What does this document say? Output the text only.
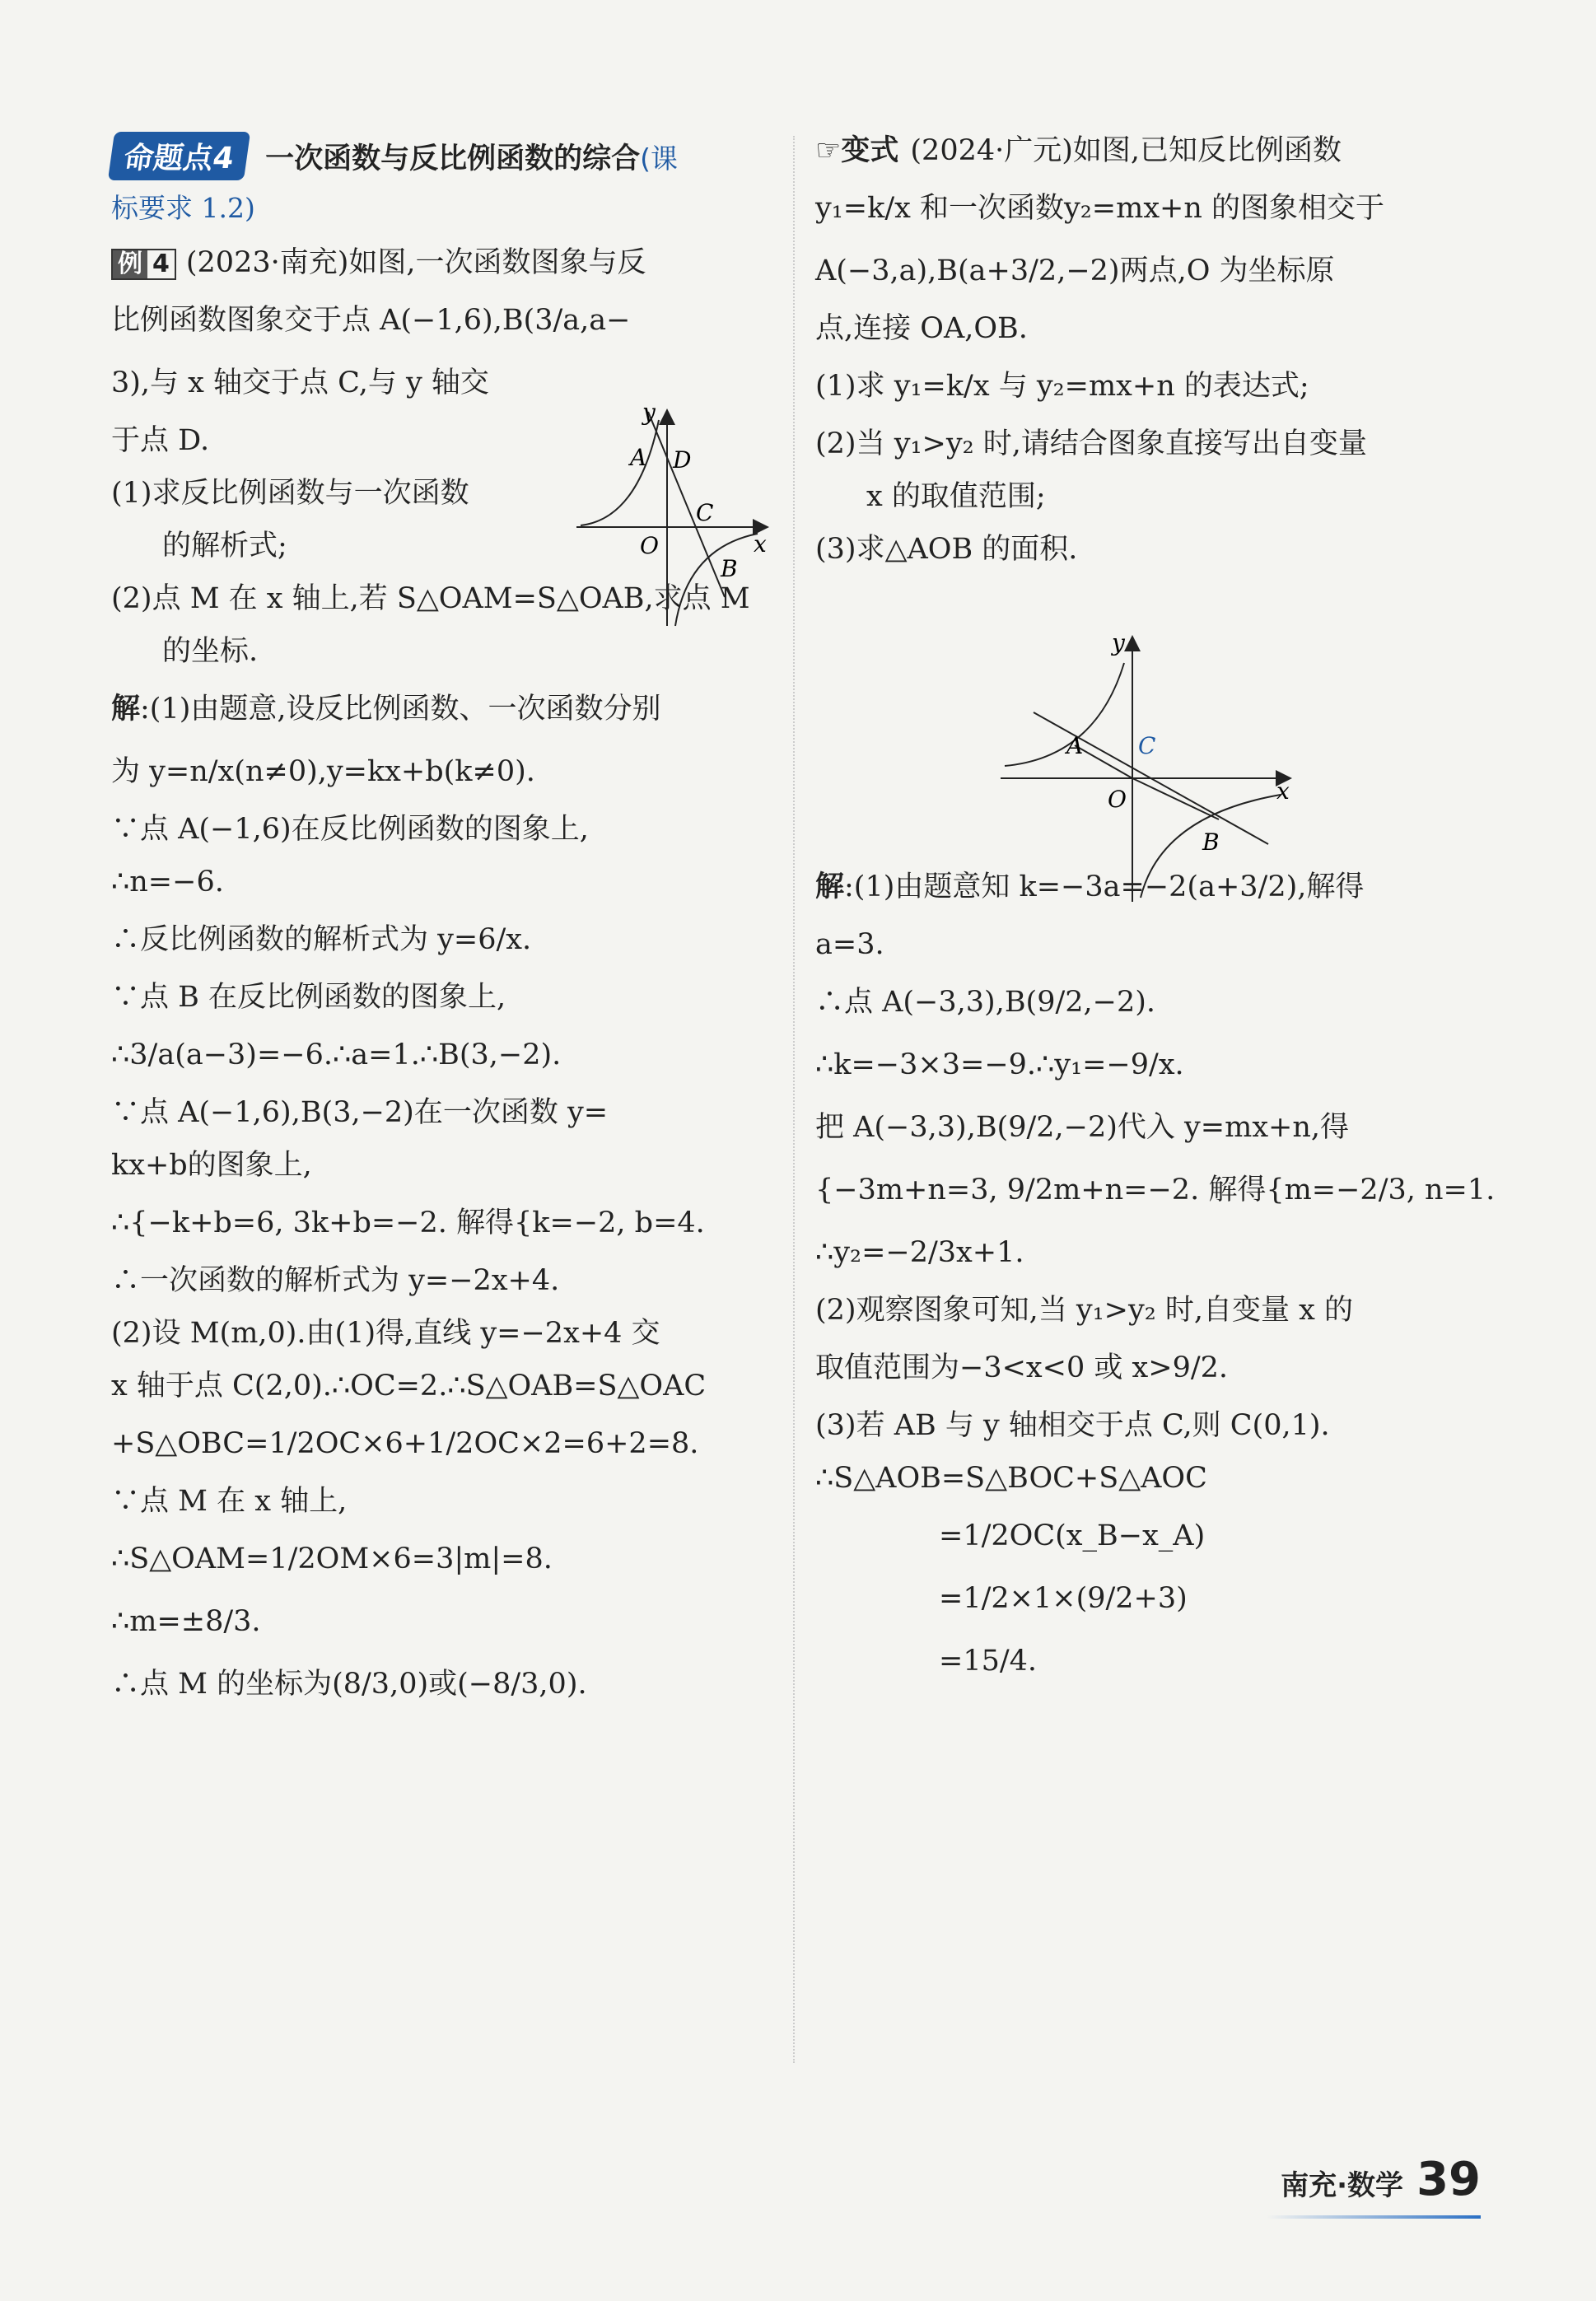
命题点4	一次函数与反比例函数的综合(课
标要求 1.2)
例 4 (2023·南充)如图,一次函数图象与反
比例函数图象交于点 A(−1,6),B(3/a,a−
3),与 x 轴交于点 C,与 y 轴交
于点 D.
(1)求反比例函数与一次函数
的解析式;
(2)点 M 在 x 轴上,若 S△OAM=S△OAB,求点 M
的坐标.
解:(1)由题意,设反比例函数、一次函数分别
为 y=n/x(n≠0),y=kx+b(k≠0).
∵点 A(−1,6)在反比例函数的图象上,
∴n=−6.
∴反比例函数的解析式为 y=6/x.
∵点 B 在反比例函数的图象上,
∴3/a(a−3)=−6.∴a=1.∴B(3,−2).
∵点 A(−1,6),B(3,−2)在一次函数 y=
kx+b的图象上,
∴{−k+b=6, 3k+b=−2. 解得{k=−2, b=4.
∴一次函数的解析式为 y=−2x+4.
(2)设 M(m,0).由(1)得,直线 y=−2x+4 交
x 轴于点 C(2,0).∴OC=2.∴S△OAB=S△OAC
+S△OBC=1/2OC×6+1/2OC×2=6+2=8.
∵点 M 在 x 轴上,
∴S△OAM=1/2OM×6=3|m|=8.
∴m=±8/3.
∴点 M 的坐标为(8/3,0)或(−8/3,0).
y
x
O
A D
C
B
☞变式 (2024·广元)如图,已知反比例函数
y₁=k/x 和一次函数y₂=mx+n 的图象相交于
A(−3,a),B(a+3/2,−2)两点,O 为坐标原
点,连接 OA,OB.
(1)求 y₁=k/x 与 y₂=mx+n 的表达式;
(2)当 y₁>y₂ 时,请结合图象直接写出自变量
x 的取值范围;
(3)求△AOB 的面积.
解:(1)由题意知 k=−3a=−2(a+3/2),解得
a=3.
∴点 A(−3,3),B(9/2,−2).
∴k=−3×3=−9.∴y₁=−9/x.
把 A(−3,3),B(9/2,−2)代入 y=mx+n,得
{−3m+n=3, 9/2m+n=−2. 解得{m=−2/3, n=1.
∴y₂=−2/3x+1.
(2)观察图象可知,当 y₁>y₂ 时,自变量 x 的
取值范围为−3<x<0 或 x>9/2.
(3)若 AB 与 y 轴相交于点 C,则 C(0,1).
∴S△AOB=S△BOC+S△AOC
=1/2OC(x_B−x_A)
=1/2×1×(9/2+3)
=15/4.
y
x
O
A C
B
南充·数学 39
